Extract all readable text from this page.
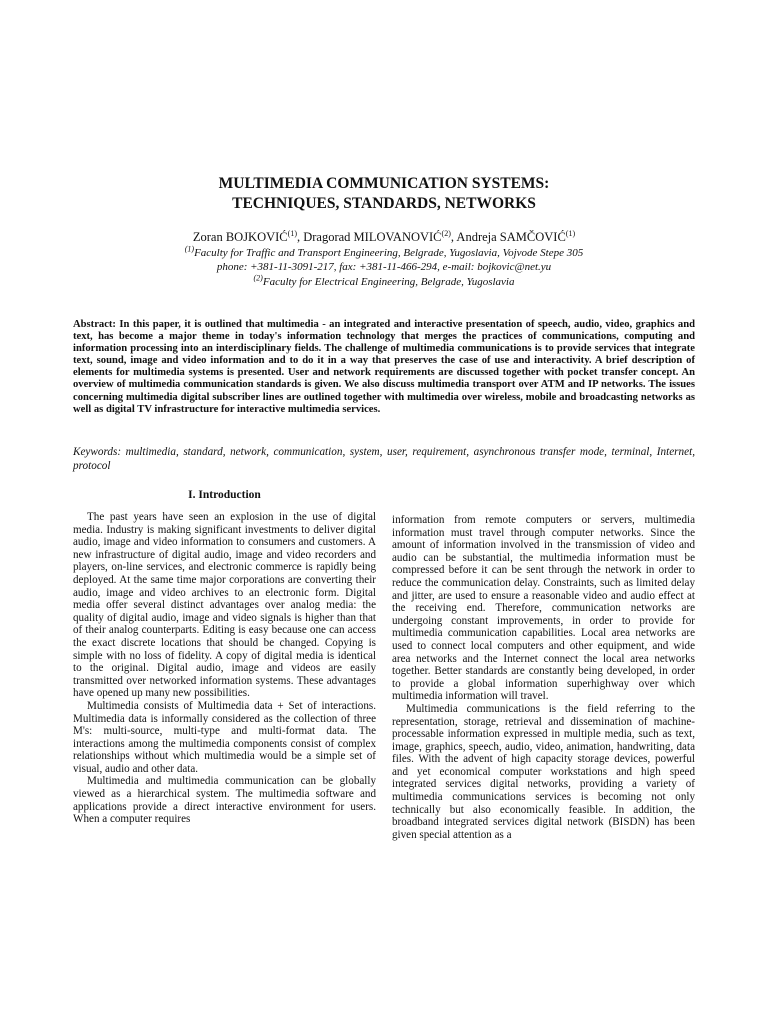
MULTIMEDIA COMMUNICATION SYSTEMS:
TECHNIQUES, STANDARDS, NETWORKS
Zoran BOJKOVIĆ$^{(1)}$, Dragorad MILOVANOVIĆ$^{(2)}$, Andreja SAMČOVIĆ$^{(1)}$
$^{(1)}$Faculty for Traffic and Transport Engineering, Belgrade, Yugoslavia, Vojvode Stepe 305
phone: +381-11-3091-217, fax: +381-11-466-294, e-mail: bojkovic@net.yu
$^{(2)}$Faculty for Electrical Engineering, Belgrade, Yugoslavia
Abstract: In this paper, it is outlined that multimedia - an integrated and interactive presentation of speech, audio, video, graphics and text, has become a major theme in today's information technology that merges the practices of communications, computing and information processing into an interdisciplinary fields. The challenge of multimedia communications is to provide services that integrate text, sound, image and video information and to do it in a way that preserves the case of use and interactivity. A brief description of elements for multimedia systems is presented. User and network requirements are discussed together with pocket transfer concept. An overview of multimedia communication standards is given. We also discuss multimedia transport over ATM and IP networks. The issues concerning multimedia digital subscriber lines are outlined together with multimedia over wireless, mobile and broadcasting networks as well as digital TV infrastructure for interactive multimedia services.
Keywords: multimedia, standard, network, communication, system, user, requirement, asynchronous transfer mode, terminal, Internet, protocol
I. Introduction

The past years have seen an explosion in the use of digital media. Industry is making significant investments to deliver digital audio, image and video information to consumers and customers. A new infrastructure of digital audio, image and video recorders and players, on-line services, and electronic commerce is rapidly being deployed. At the same time major corporations are converting their audio, image and video archives to an electronic form. Digital media offer several distinct advantages over analog media: the quality of digital audio, image and video signals is higher than that of their analog counterparts. Editing is easy because one can access the exact discrete locations that should be changed. Copying is simple with no loss of fidelity. A copy of digital media is identical to the original. Digital audio, image and videos are easily transmitted over networked information systems. These advantages have opened up many new possibilities.

Multimedia consists of Multimedia data + Set of interactions. Multimedia data is informally considered as the collection of three M's: multi-source, multi-type and multi-format data. The interactions among the multimedia components consist of complex relationships without which multimedia would be a simple set of visual, audio and other data.

Multimedia and multimedia communication can be globally viewed as a hierarchical system. The multimedia software and applications provide a direct interactive environment for users. When a computer requires

information from remote computers or servers, multimedia information must travel through computer networks. Since the amount of information involved in the transmission of video and audio can be substantial, the multimedia information must be compressed before it can be sent through the network in order to reduce the communication delay. Constraints, such as limited delay and jitter, are used to ensure a reasonable video and audio effect at the receiving end. Therefore, communication networks are undergoing constant improvements, in order to provide for multimedia communication capabilities. Local area networks are used to connect local computers and other equipment, and wide area networks and the Internet connect the local area networks together. Better standards are constantly being developed, in order to provide a global information superhighway over which multimedia information will travel.

Multimedia communications is the field referring to the representation, storage, retrieval and dissemination of machine-processable information expressed in multiple media, such as text, image, graphics, speech, audio, video, animation, handwriting, data files. With the advent of high capacity storage devices, powerful and yet economical computer workstations and high speed integrated services digital networks, providing a variety of multimedia communications services is becoming not only technically but also economically feasible. In addition, the broadband integrated services digital network (BISDN) has been given special attention as a
